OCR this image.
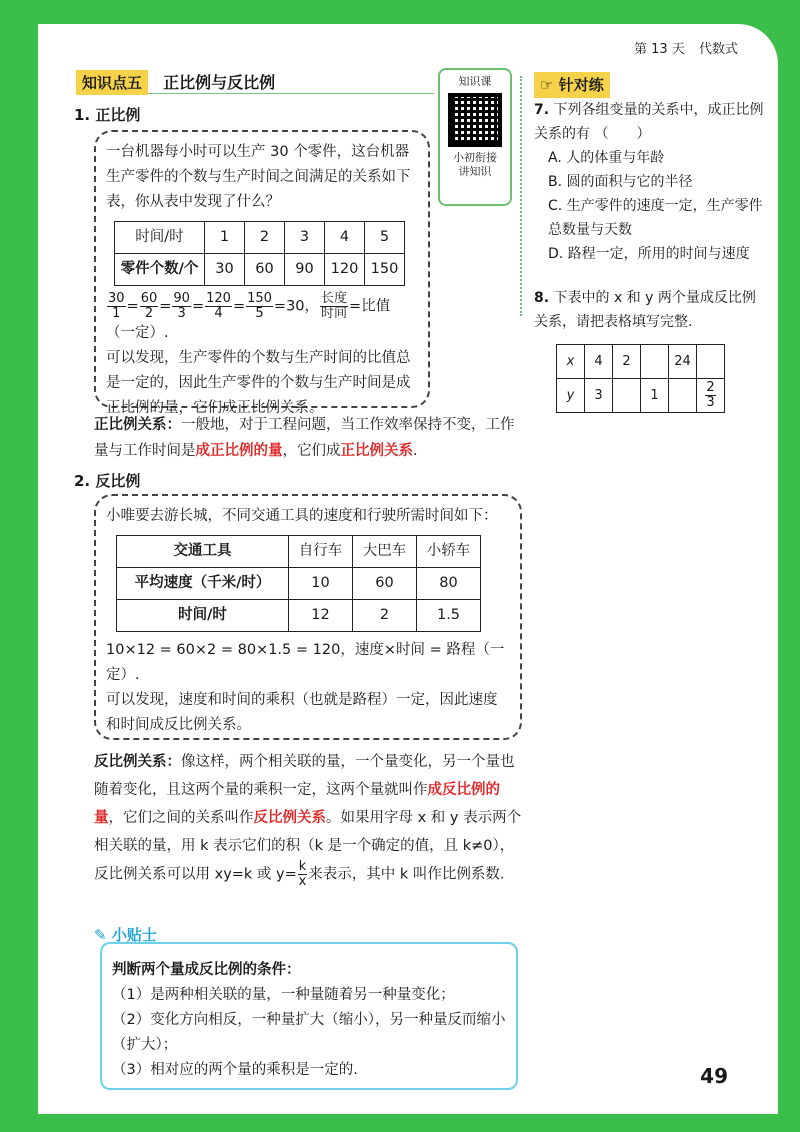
第 13 天 代数式
知识点五 正比例与反比例	知识课
小初衔接
讲知识
1. 正比例
一台机器每小时可以生产 30 个零件，这台机器生产零件的个数与生产时间之间满足的关系如下表，你从表中发现了什么？
时间/时	1	2	3	4	5
零件个数/个	30	60	90	120	150
$\frac{30}{1} = \frac{60}{2} = \frac{90}{3} = \frac{120}{4} = \frac{150}{5} =30$， $\frac{\text{长度}}{\text{时间}}$ =比值（一定）.
可以发现，生产零件的个数与生产时间的比值总是一定的，因此生产零件的个数与生产时间是成正比例的量，它们成正比例关系。
正比例关系：一般地，对于工程问题，当工作效率保持不变，工作量与工作时间是成正比例的量，它们成正比例关系.
2. 反比例
小唯要去游长城，不同交通工具的速度和行驶所需时间如下：
交通工具	自行车	大巴车	小轿车
平均速度（千米/时）	10	60	80
时间/时	12	2	1.5
10×12 = 60×2 = 80×1.5 = 120，速度×时间 = 路程（一定）.
可以发现，速度和时间的乘积（也就是路程）一定，因此速度和时间成反比例关系。
反比例关系：像这样，两个相关联的量，一个量变化，另一个量也随着变化，且这两个量的乘积一定，这两个量就叫作成反比例的量，它们之间的关系叫作反比例关系。如果用字母 x 和 y 表示两个相关联的量，用 k 表示它们的积（k 是一个确定的值，且 k≠0），反比例关系可以用 xy=k 或 $y= \frac{k}{x}$ 来表示，其中 k 叫作比例系数.
✎ 小贴士
判断两个量成反比例的条件：
（1）是两种相关联的量，一种量随着另一种量变化；
（2）变化方向相反，一种量扩大（缩小），另一种量反而缩小（扩大）；
（3）相对应的两个量的乘积是一定的.
☞ 针对练
7. 下列各组变量的关系中，成正比例关系的有 （　　）
A. 人的体重与年龄
B. 圆的面积与它的半径
C. 生产零件的速度一定，生产零件总数量与天数
D. 路程一定，所用的时间与速度
8. 下表中的 x 和 y 两个量成反比例关系，请把表格填写完整.
x	4	2		24	
y	3		1		$\frac{2}{3}$
49
